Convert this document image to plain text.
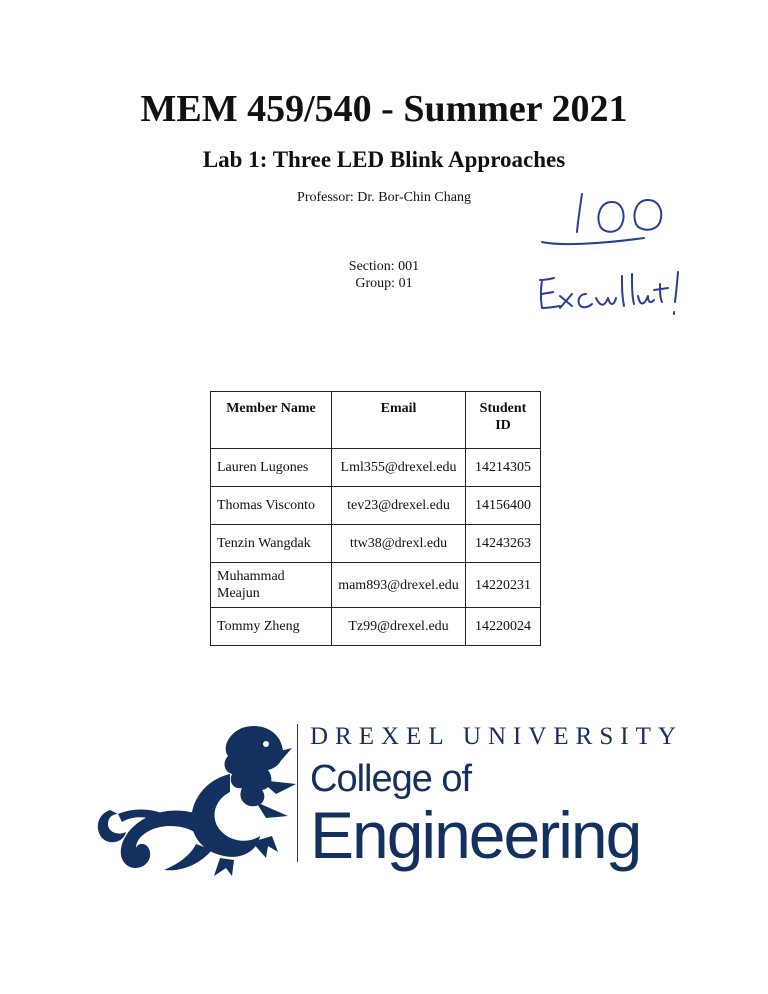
MEM 459/540 - Summer 2021
Lab 1: Three LED Blink Approaches

Professor: Dr. Bor-Chin Chang

Section: 001

Group: 01

Member Name	Email	Student ID
Lauren Lugones	Lml355@drexel.edu	14214305
Thomas Visconto	tev23@drexel.edu	14156400
Tenzin Wangdak	ttw38@drexl.edu	14243263
Muhammad Meajun	mam893@drexel.edu	14220231
Tommy Zheng	Tz99@drexel.edu	14220024

DREXEL UNIVERSITY

College of

Engineering
